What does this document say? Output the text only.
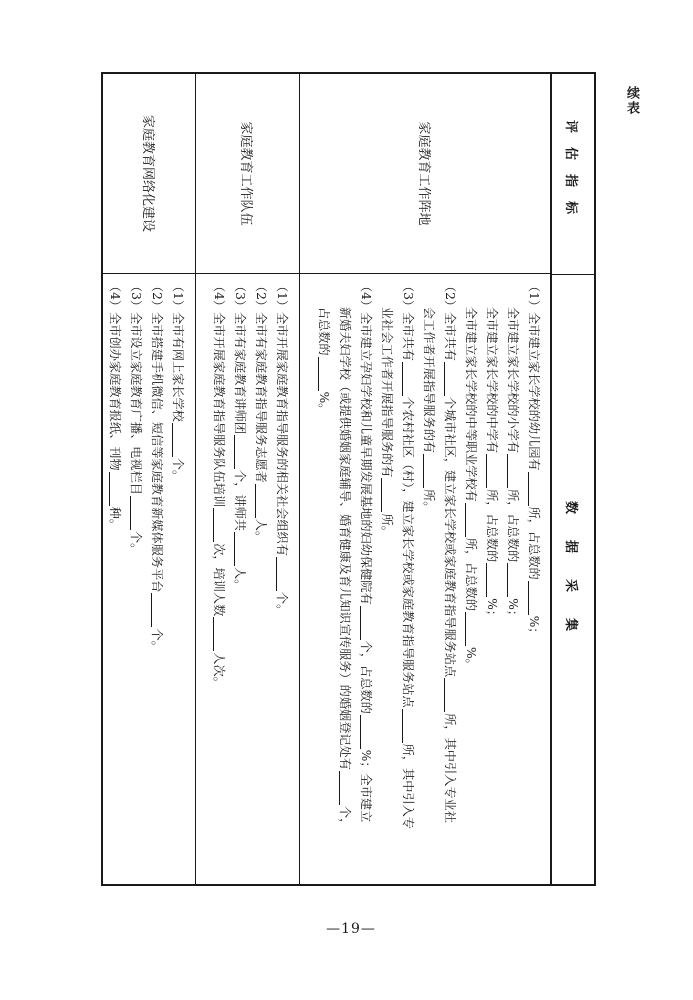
续表
评估指标
数据采集
家庭教育工作阵地
（1）全市建立家长学校的幼儿园有所，占总数的%；
全市建立家长学校的小学有所，占总数的%；
全市建立家长学校的中学有所，占总数的%；
全市建立家长学校的中等职业学校有所，占总数的%。
（2）全市共有个城市社区，建立家长学校或家庭教育指导服务站点所，其中引入专业社
会工作者开展指导服务的有所。
（3）全市共有个农村社区（村），建立家长学校或家庭教育指导服务站点所，其中引入专
业社会工作者开展指导服务的有所。
（4）全市建立孕妇学校和儿童早期发展基地的妇幼保健院有个，占总数的%；全市建立
新婚夫妇学校（或提供婚姻家庭辅导、婚育健康及育儿知识宣传服务）的婚姻登记处有个，
占总数的%。
家庭教育工作队伍
（1）全市开展家庭教育指导服务的相关社会组织有个。
（2）全市有家庭教育指导服务志愿者人。
（3）全市有家庭教育讲师团个，讲师共人。
（4）全市开展家庭教育指导服务队伍培训次，培训人数人次。
家庭教育网络化建设
（1）全市有网上家长学校个。
（2）全市搭建手机微信、短信等家庭教育新媒体服务平台个。
（3）全市设立家庭教育广播、电视栏目个。
（4）全市创办家庭教育报纸、刊物种。
—19—
